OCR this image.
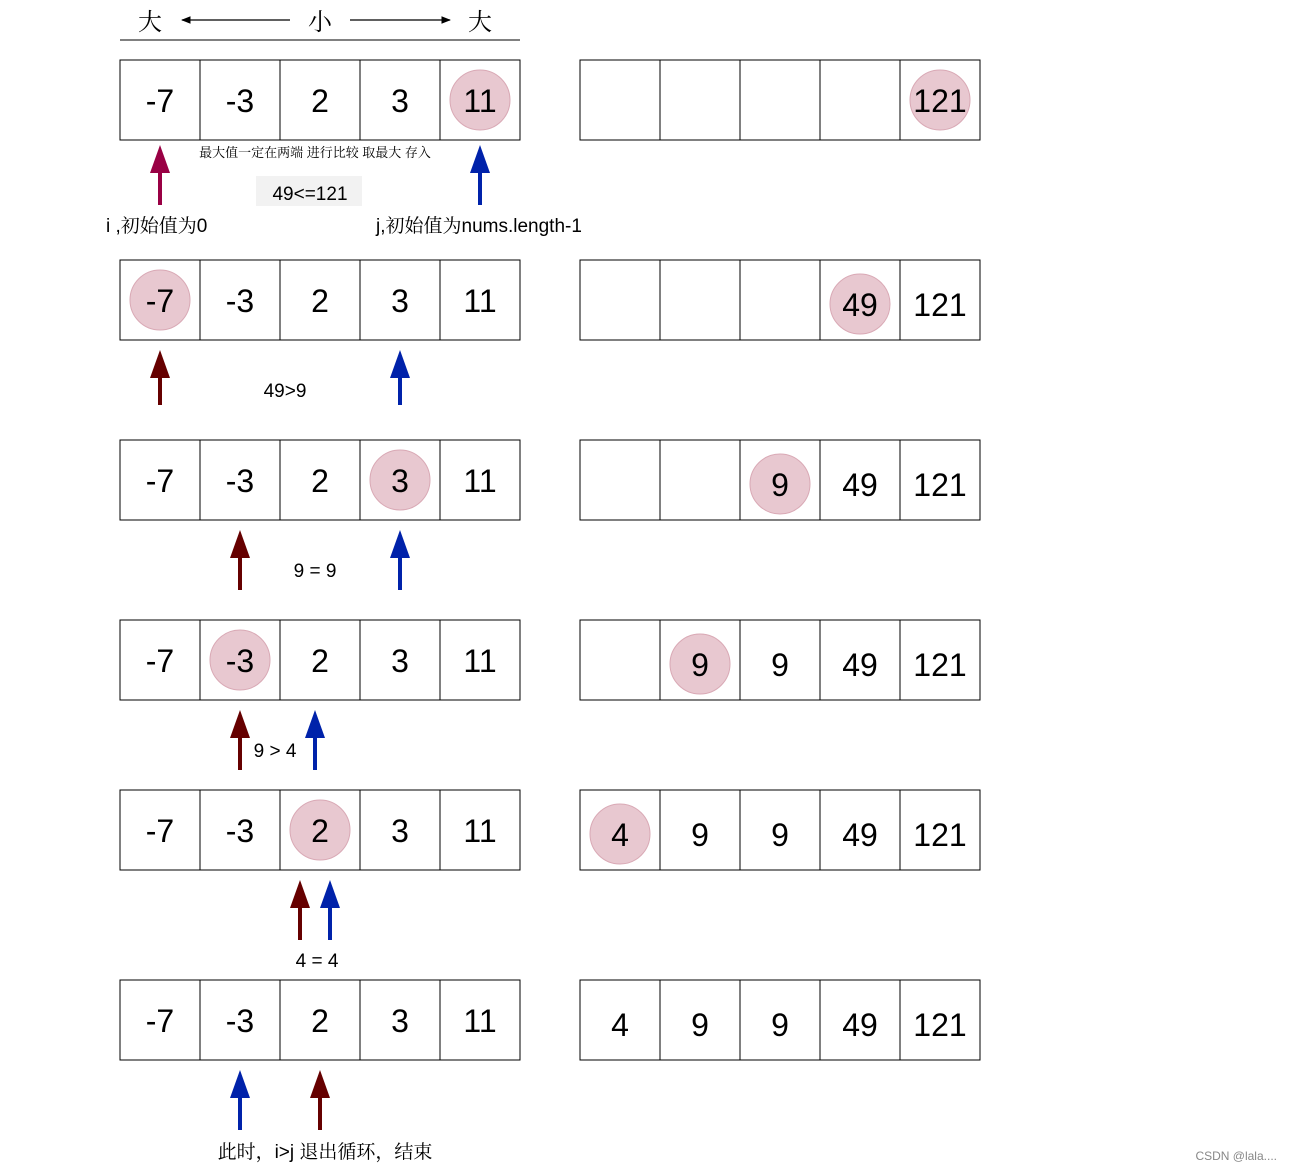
大	小	大
-7 -3 2 3 11	121
最大值一定在两端 进行比较 取最大 存入
49<=121
i ,初始值为0	j,初始值为nums.length-1
-7 -3 2 3 11	49 121
49>9
-7 -3 2 3 11	9 49 121
9 = 9
-7 -3 2 3 11	9 9 49 121
9 > 4
-7 -3 2 3 11	4 9 9 49 121
4 = 4
-7 -3 2 3 11	4 9 9 49 121
此时，i>j 退出循环，结束	CSDN @lala....
